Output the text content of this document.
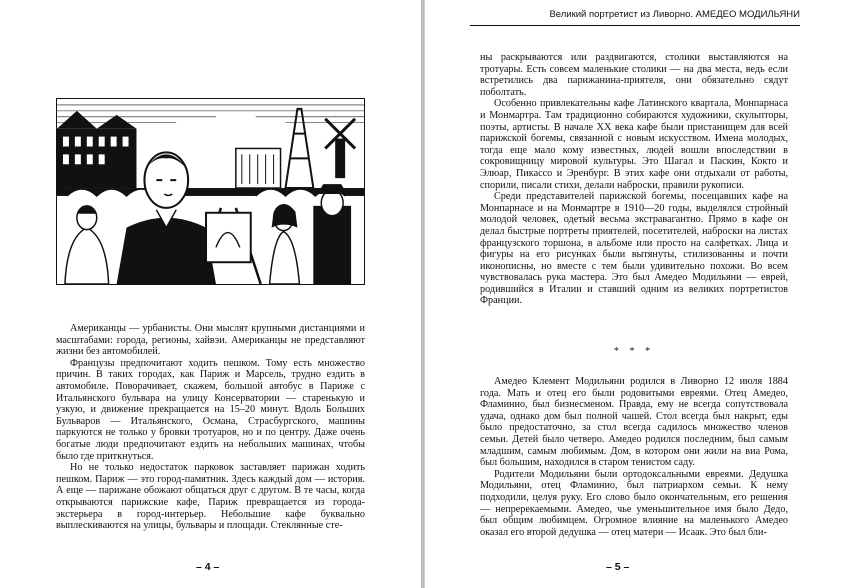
Великий портретист из Ливорно. АМЕДЕО МОДИЛЬЯНИ

Американцы — урбанисты. Они мыслят крупными дистанциями и масштабами: города, регионы, хайвэи. Американцы не представляют жизни без автомобилей.

Французы предпочитают ходить пешком. Тому есть множество причин. В таких городах, как Париж и Марсель, трудно ездить в автомобиле. Поворачивает, скажем, большой автобус в Париже с Итальянского бульвара на улицу Консерватории — старенькую и узкую, и движение прекращается на 15–20 минут. Вдоль Больших Бульваров — Итальянского, Османа, Страсбургского, машины паркуются не только у бровки тротуаров, но и по центру. Даже очень богатые люди предпочитают ездить на небольших машинах, чтобы было где приткнуться.

Но не только недостаток парковок заставляет парижан ходить пешком. Париж — это город-памятник. Здесь каждый дом — история. А еще — парижане обожают общаться друг с другом. В те часы, когда открываются парижские кафе, Париж превращается из города-экстерьера в город-интерьер. Небольшие кафе буквально выплескиваются на улицы, бульвары и площади. Стеклянные сте-

ны раскрываются или раздвигаются, столики выставляются на тротуары. Есть совсем маленькие столики — на два места, ведь если встретились два парижанина-приятеля, они обязательно сядут поболтать.

Особенно привлекательны кафе Латинского квартала, Монпарнаса и Монмартра. Там традиционно собираются художники, скульпторы, поэты, артисты. В начале XX века кафе были пристанищем для всей парижской богемы, связанной с новым искусством. Имена молодых, тогда еще мало кому известных, людей вошли впоследствии в сокровищницу мировой культуры. Это Шагал и Паскин, Кокто и Элюар, Пикассо и Эренбург. В этих кафе они отдыхали от работы, спорили, писали стихи, делали наброски, правили рукописи.

Среди представителей парижской богемы, посещавших кафе на Монпарнасе и на Монмартре в 1910—20 годы, выделялся стройный молодой человек, одетый весьма экстравагантно. Прямо в кафе он делал быстрые портреты приятелей, посетителей, наброски на листах французского торшона, в альбоме или просто на салфетках. Лица и фигуры на его рисунках были вытянуты, стилизованны и почти иконописны, но вместе с тем были удивительно похожи. Во всем чувствовалась рука мастера. Это был Амедео Модильяни — еврей, родившийся в Италии и ставший одним из великих портретистов Франции.

* * *

Амедео Клемент Модильяни родился в Ливорно 12 июля 1884 года. Мать и отец его были родовитыми евреями. Отец Амедео, Фламинио, был бизнесменом. Правда, ему не всегда сопутствовала удача, однако дом был полной чашей. Стол всегда был накрыт, еды было предостаточно, за стол всегда садилось множество членов семьи. Детей было четверо. Амедео родился последним, был самым младшим, самым любимым. Дом, в котором они жили на виа Рома, был большим, находился в старом тенистом саду.

Родители Модильяни были ортодоксальными евреями. Дедушка Модильяни, отец Фламинио, был патриархом семьи. К нему подходили, целуя руку. Его слово было окончательным, его решения — непререкаемыми. Амедео, чье уменьшительное имя было Дедо, был общим любимцем. Огромное влияние на маленького Амедео оказал его второй дедушка — отец матери — Исаак. Это был бли-

– 4 –	– 5 –
